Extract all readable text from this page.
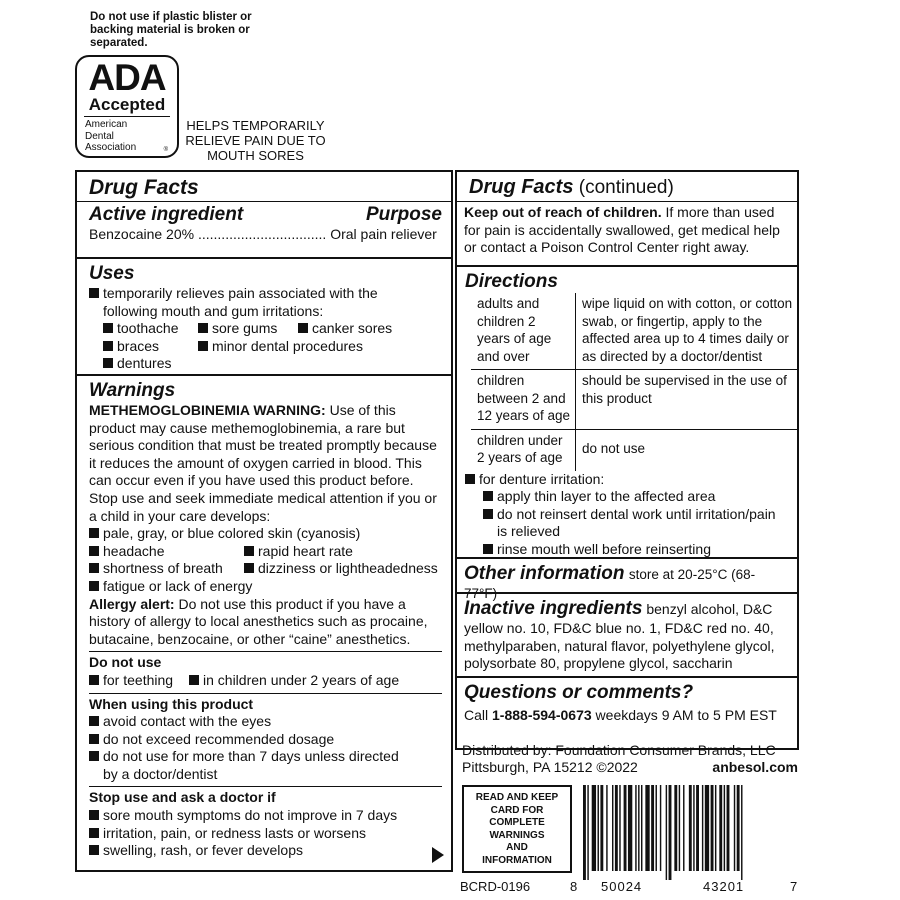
Do not use if plastic blister or backing material is broken or separated.
ADA
Accepted
American
Dental
Association	®
HELPS TEMPORARILY RELIEVE PAIN DUE TO MOUTH SORES
Drug Facts
Active ingredient	Purpose
Benzocaine 20% ................................. Oral pain reliever
Uses
temporarily relieves pain associated with the
following mouth and gum irritations:
toothache sore gums canker sores
braces	minor dental procedures
dentures
Warnings
METHEMOGLOBINEMIA WARNING: Use of this product may cause methemoglobinemia, a rare but serious condition that must be treated promptly because it reduces the amount of oxygen carried in blood. This can occur even if you have used this product before. Stop use and seek immediate medical attention if you or a child in your care develops:
pale, gray, or blue colored skin (cyanosis)
headache	rapid heart rate
shortness of breath	dizziness or lightheadedness
fatigue or lack of energy
Allergy alert: Do not use this product if you have a history of allergy to local anesthetics such as procaine, butacaine, benzocaine, or other “caine” anesthetics.
Do not use
for teething in children under 2 years of age
When using this product
avoid contact with the eyes
do not exceed recommended dosage
do not use for more than 7 days unless directed
by a doctor/dentist
Stop use and ask a doctor if
sore mouth symptoms do not improve in 7 days
irritation, pain, or redness lasts or worsens
swelling, rash, or fever develops
Drug Facts (continued)
Keep out of reach of children. If more than used for pain is accidentally swallowed, get medical help or contact a Poison Control Center right away.
Directions
adults and children 2 years of age and over	wipe liquid on with cotton, or cotton swab, or fingertip, apply to the affected area up to 4 times daily or as directed by a doctor/dentist
children between 2 and 12 years of age	should be supervised in the use of this product
children under 2 years of age	do not use
for denture irritation:
apply thin layer to the affected area
do not reinsert dental work until irritation/pain
is relieved
rinse mouth well before reinserting
Other information store at 20-25°C (68-77°F)
Inactive ingredients benzyl alcohol, D&C yellow no. 10, FD&C blue no. 1, FD&C red no. 40, methylparaben, natural flavor, polyethylene glycol, polysorbate 80, propylene glycol, saccharin
Questions or comments?
Call 1-888-594-0673 weekdays 9 AM to 5 PM EST
Distributed by: Foundation Consumer Brands, LLC
Pittsburgh, PA 15212 ©2022	anbesol.com
READ AND KEEP
CARD FOR
COMPLETE
WARNINGS
AND
INFORMATION
8 50024	43201	7
BCRD-0196
